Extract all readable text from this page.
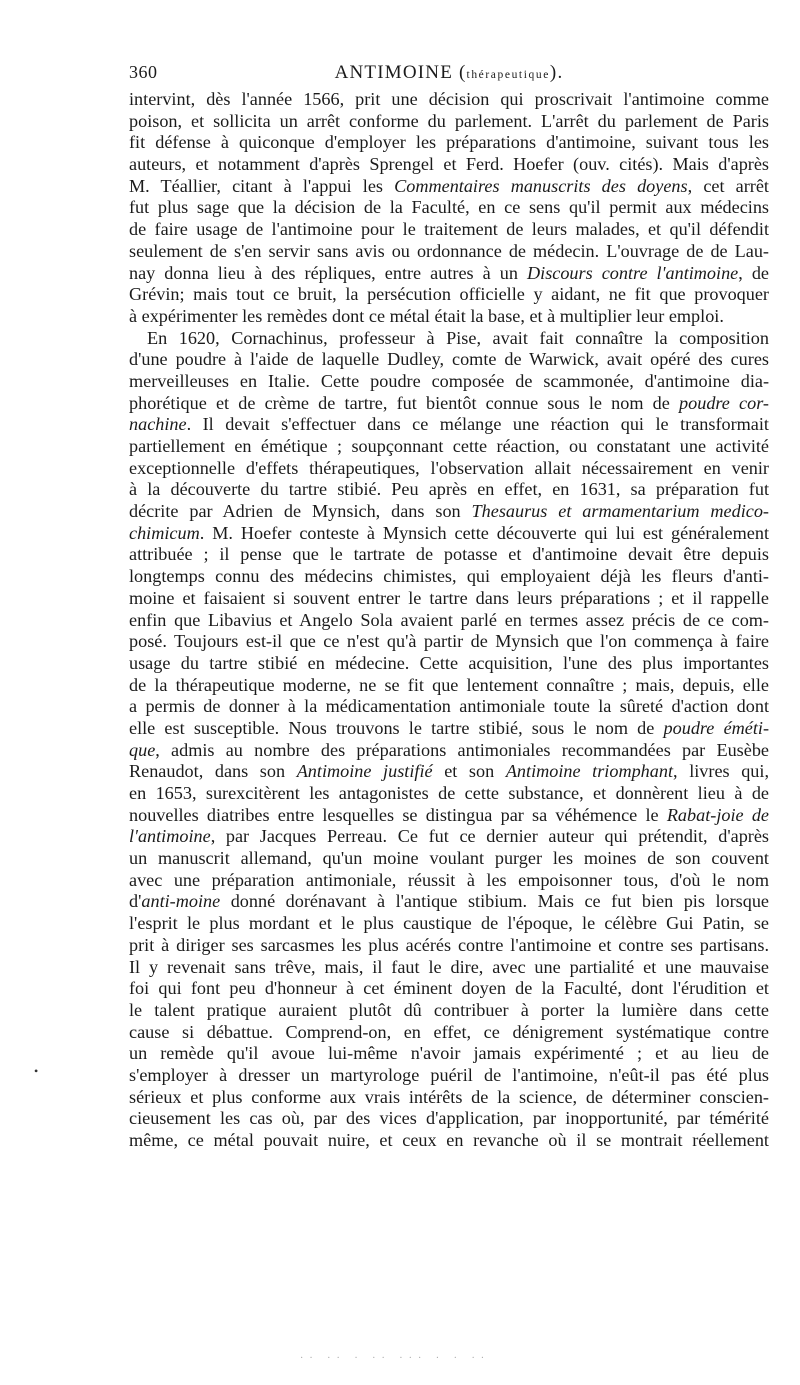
360	ANTIMOINE (thérapeutique).
intervint, dès l'année 1566, prit une décision qui proscrivait l'antimoine comme
poison, et sollicita un arrêt conforme du parlement. L'arrêt du parlement de Paris
fit défense à quiconque d'employer les préparations d'antimoine, suivant tous les
auteurs, et notamment d'après Sprengel et Ferd. Hoefer (ouv. cités). Mais d'après
M. Téallier, citant à l'appui les Commentaires manuscrits des doyens, cet arrêt
fut plus sage que la décision de la Faculté, en ce sens qu'il permit aux médecins
de faire usage de l'antimoine pour le traitement de leurs malades, et qu'il défendit
seulement de s'en servir sans avis ou ordonnance de médecin. L'ouvrage de de Lau-
nay donna lieu à des répliques, entre autres à un Discours contre l'antimoine, de
Grévin; mais tout ce bruit, la persécution officielle y aidant, ne fit que provoquer
à expérimenter les remèdes dont ce métal était la base, et à multiplier leur emploi.
En 1620, Cornachinus, professeur à Pise, avait fait connaître la composition
d'une poudre à l'aide de laquelle Dudley, comte de Warwick, avait opéré des cures
merveilleuses en Italie. Cette poudre composée de scammonée, d'antimoine dia-
phorétique et de crème de tartre, fut bientôt connue sous le nom de poudre cor-
nachine. Il devait s'effectuer dans ce mélange une réaction qui le transformait
partiellement en émétique ; soupçonnant cette réaction, ou constatant une activité
exceptionnelle d'effets thérapeutiques, l'observation allait nécessairement en venir
à la découverte du tartre stibié. Peu après en effet, en 1631, sa préparation fut
décrite par Adrien de Mynsich, dans son Thesaurus et armamentarium medico-
chimicum. M. Hoefer conteste à Mynsich cette découverte qui lui est généralement
attribuée ; il pense que le tartrate de potasse et d'antimoine devait être depuis
longtemps connu des médecins chimistes, qui employaient déjà les fleurs d'anti-
moine et faisaient si souvent entrer le tartre dans leurs préparations ; et il rappelle
enfin que Libavius et Angelo Sola avaient parlé en termes assez précis de ce com-
posé. Toujours est-il que ce n'est qu'à partir de Mynsich que l'on commença à faire
usage du tartre stibié en médecine. Cette acquisition, l'une des plus importantes
de la thérapeutique moderne, ne se fit que lentement connaître ; mais, depuis, elle
a permis de donner à la médicamentation antimoniale toute la sûreté d'action dont
elle est susceptible. Nous trouvons le tartre stibié, sous le nom de poudre éméti-
que, admis au nombre des préparations antimoniales recommandées par Eusèbe
Renaudot, dans son Antimoine justifié et son Antimoine triomphant, livres qui,
en 1653, surexcitèrent les antagonistes de cette substance, et donnèrent lieu à de
nouvelles diatribes entre lesquelles se distingua par sa véhémence le Rabat-joie de
l'antimoine, par Jacques Perreau. Ce fut ce dernier auteur qui prétendit, d'après
un manuscrit allemand, qu'un moine voulant purger les moines de son couvent
avec une préparation antimoniale, réussit à les empoisonner tous, d'où le nom
d'anti-moine donné dorénavant à l'antique stibium. Mais ce fut bien pis lorsque
l'esprit le plus mordant et le plus caustique de l'époque, le célèbre Gui Patin, se
prit à diriger ses sarcasmes les plus acérés contre l'antimoine et contre ses partisans.
Il y revenait sans trêve, mais, il faut le dire, avec une partialité et une mauvaise
foi qui font peu d'honneur à cet éminent doyen de la Faculté, dont l'érudition et
le talent pratique auraient plutôt dû contribuer à porter la lumière dans cette
cause si débattue. Comprend-on, en effet, ce dénigrement systématique contre
un remède qu'il avoue lui-même n'avoir jamais expérimenté ; et au lieu de
s'employer à dresser un martyrologe puéril de l'antimoine, n'eût-il pas été plus
sérieux et plus conforme aux vrais intérêts de la science, de déterminer conscien-
cieusement les cas où, par des vices d'application, par inopportunité, par témérité
même, ce métal pouvait nuire, et ceux en revanche où il se montrait réellement
•
·· ·· · ·· ··· · · ··
